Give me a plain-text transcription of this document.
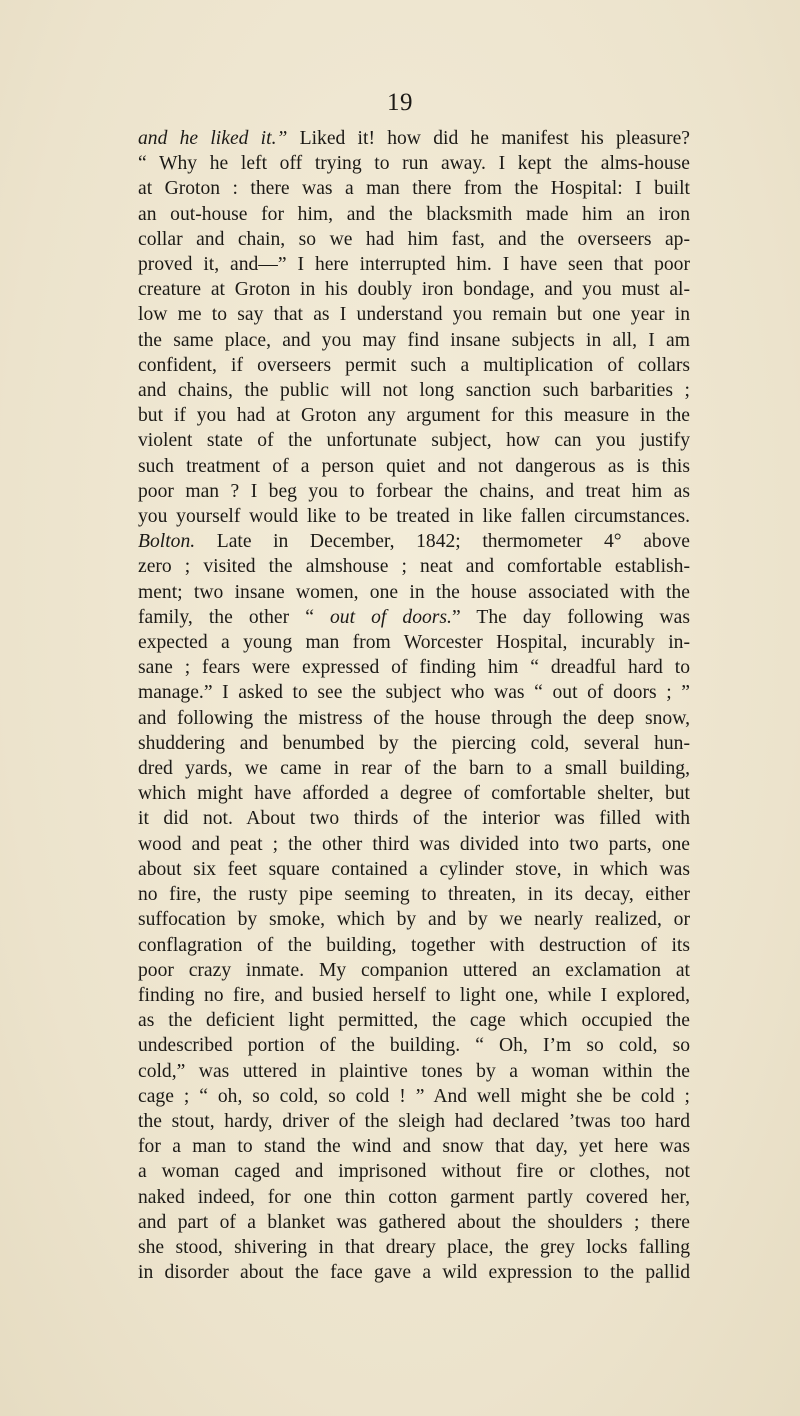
19
and he liked it.” Liked it! how did he manifest his pleasure?
“ Why he left off trying to run away. I kept the alms-house
at Groton : there was a man there from the Hospital: I built
an out-house for him, and the blacksmith made him an iron
collar and chain, so we had him fast, and the overseers ap-
proved it, and—” I here interrupted him. I have seen that poor
creature at Groton in his doubly iron bondage, and you must al-
low me to say that as I understand you remain but one year in
the same place, and you may find insane subjects in all, I am
confident, if overseers permit such a multiplication of collars
and chains, the public will not long sanction such barbarities ;
but if you had at Groton any argument for this measure in the
violent state of the unfortunate subject, how can you justify
such treatment of a person quiet and not dangerous as is this
poor man ? I beg you to forbear the chains, and treat him as
you yourself would like to be treated in like fallen circumstances.
Bolton. Late in December, 1842; thermometer 4° above
zero ; visited the almshouse ; neat and comfortable establish-
ment; two insane women, one in the house associated with the
family, the other “ out of doors.” The day following was
expected a young man from Worcester Hospital, incurably in-
sane ; fears were expressed of finding him “ dreadful hard to
manage.” I asked to see the subject who was “ out of doors ; ”
and following the mistress of the house through the deep snow,
shuddering and benumbed by the piercing cold, several hun-
dred yards, we came in rear of the barn to a small building,
which might have afforded a degree of comfortable shelter, but
it did not. About two thirds of the interior was filled with
wood and peat ; the other third was divided into two parts, one
about six feet square contained a cylinder stove, in which was
no fire, the rusty pipe seeming to threaten, in its decay, either
suffocation by smoke, which by and by we nearly realized, or
conflagration of the building, together with destruction of its
poor crazy inmate. My companion uttered an exclamation at
finding no fire, and busied herself to light one, while I explored,
as the deficient light permitted, the cage which occupied the
undescribed portion of the building. “ Oh, I’m so cold, so
cold,” was uttered in plaintive tones by a woman within the
cage ; “ oh, so cold, so cold ! ” And well might she be cold ;
the stout, hardy, driver of the sleigh had declared ’twas too hard
for a man to stand the wind and snow that day, yet here was
a woman caged and imprisoned without fire or clothes, not
naked indeed, for one thin cotton garment partly covered her,
and part of a blanket was gathered about the shoulders ; there
she stood, shivering in that dreary place, the grey locks falling
in disorder about the face gave a wild expression to the pallid
